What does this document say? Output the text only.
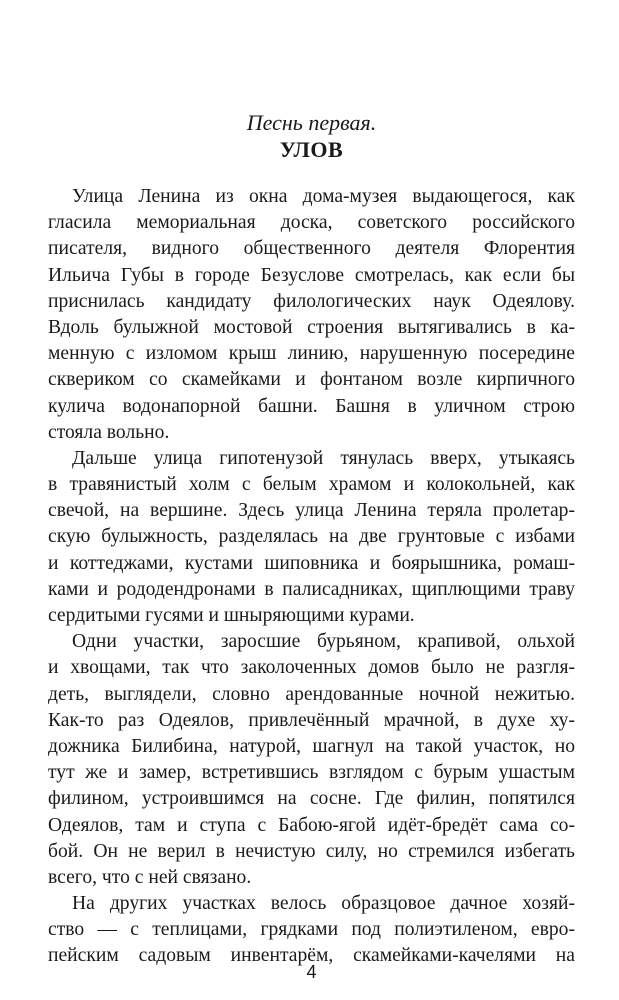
Песнь первая.
УЛОВ
Улица Ленина из окна дома-музея выдающегося, как
гласила мемориальная доска, советского российского
писателя, видного общественного деятеля Флорентия
Ильича Губы в городе Безуслове смотрелась, как если бы
приснилась кандидату филологических наук Одеялову.
Вдоль булыжной мостовой строения вытягивались в ка-
менную с изломом крыш линию, нарушенную посередине
сквериком со скамейками и фонтаном возле кирпичного
кулича водонапорной башни. Башня в уличном строю
стояла вольно.
Дальше улица гипотенузой тянулась вверх, утыкаясь
в травянистый холм с белым храмом и колокольней, как
свечой, на вершине. Здесь улица Ленина теряла пролетар-
скую булыжность, разделялась на две грунтовые с избами
и коттеджами, кустами шиповника и боярышника, ромаш-
ками и рододендронами в палисадниках, щиплющими траву
сердитыми гусями и шныряющими курами.
Одни участки, заросшие бурьяном, крапивой, ольхой
и хвощами, так что заколоченных домов было не разгля-
деть, выглядели, словно арендованные ночной нежитью.
Как-то раз Одеялов, привлечённый мрачной, в духе ху-
дожника Билибина, натурой, шагнул на такой участок, но
тут же и замер, встретившись взглядом с бурым ушастым
филином, устроившимся на сосне. Где филин, попятился
Одеялов, там и ступа с Бабою-ягой идёт-бредёт сама со-
бой. Он не верил в нечистую силу, но стремился избегать
всего, что с ней связано.
На других участках велось образцовое дачное хозяй-
ство — с теплицами, грядками под полиэтиленом, евро-
пейским садовым инвентарём, скамейками-качелями на
4
